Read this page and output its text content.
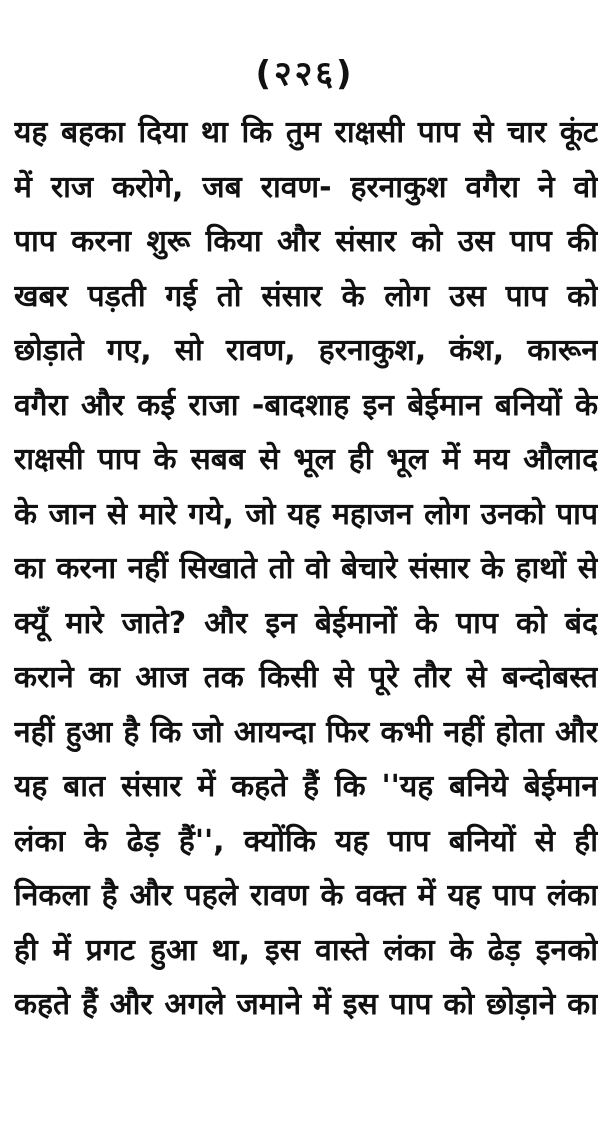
(२२६)
यह बहका दिया था कि तुम राक्षसी पाप से चार कूंट
में राज करोगे, जब रावण- हरनाकुश वगैरा ने वो
पाप करना शुरू किया और संसार को उस पाप की
खबर पड़ती गई तो संसार के लोग उस पाप को
छोड़ाते गए, सो रावण, हरनाकुश, कंश, कारून
वगैरा और कई राजा -बादशाह इन बेईमान बनियों के
राक्षसी पाप के सबब से भूल ही भूल में मय औलाद
के जान से मारे गये, जो यह महाजन लोग उनको पाप
का करना नहीं सिखाते तो वो बेचारे संसार के हाथों से
क्यूँ मारे जाते? और इन बेईमानों के पाप को बंद
कराने का आज तक किसी से पूरे तौर से बन्दोबस्त
नहीं हुआ है कि जो आयन्दा फिर कभी नहीं होता और
यह बात संसार में कहते हैं कि ''यह बनिये बेईमान
लंका के ढेड़ हैं'', क्योंकि यह पाप बनियों से ही
निकला है और पहले रावण के वक्त में यह पाप लंका
ही में प्रगट हुआ था, इस वास्ते लंका के ढेड़ इनको
कहते हैं और अगले जमाने में इस पाप को छोड़ाने का
